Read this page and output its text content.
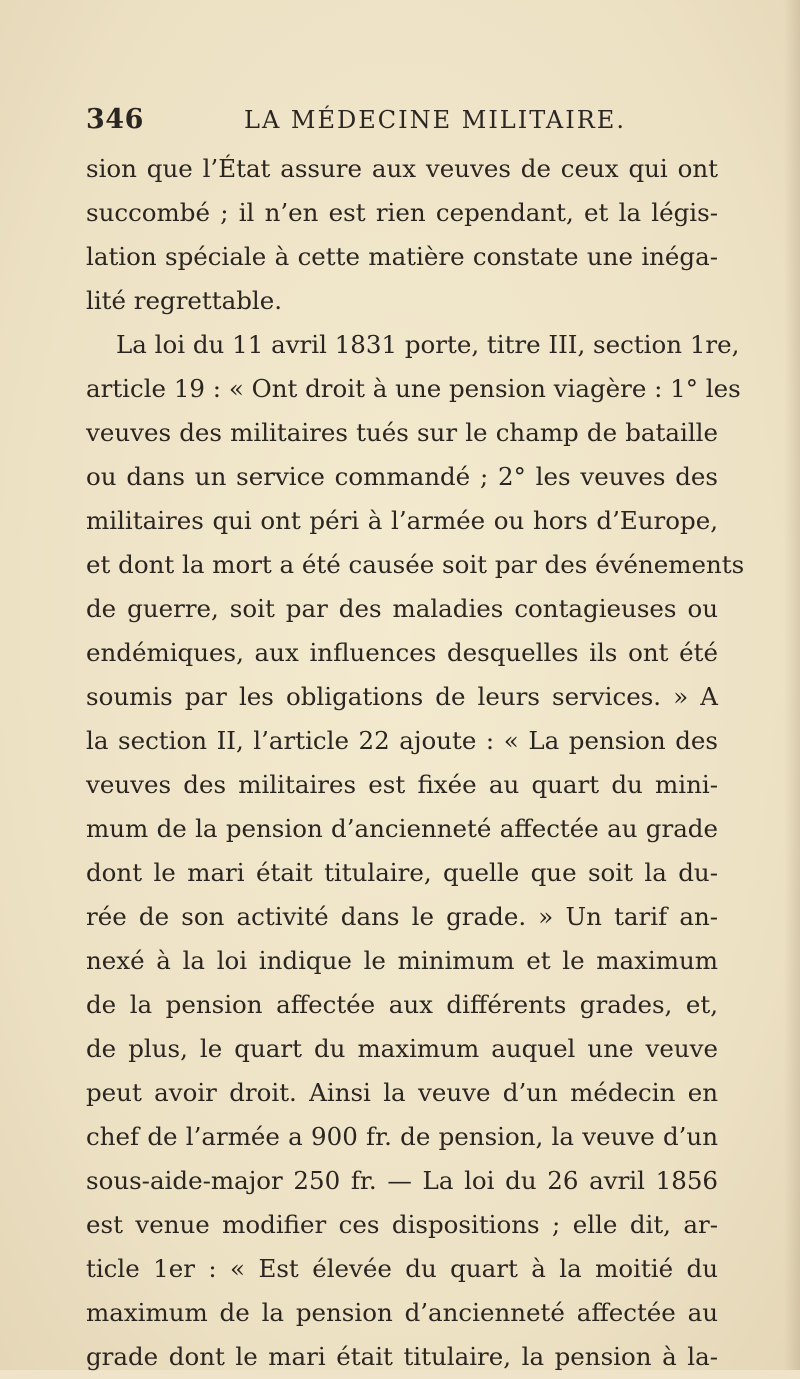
346	LA MÉDECINE MILITAIRE.
sion que l’État assure aux veuves de ceux qui ont
succombé ; il n’en est rien cependant, et la légis-
lation spéciale à cette matière constate une inéga-
lité regrettable.
La loi du 11 avril 1831 porte, titre III, section 1re,
article 19 : « Ont droit à une pension viagère : 1° les
veuves des militaires tués sur le champ de bataille
ou dans un service commandé ; 2° les veuves des
militaires qui ont péri à l’armée ou hors d’Europe,
et dont la mort a été causée soit par des événements
de guerre, soit par des maladies contagieuses ou
endémiques, aux influences desquelles ils ont été
soumis par les obligations de leurs services. » A
la section II, l’article 22 ajoute : « La pension des
veuves des militaires est fixée au quart du mini-
mum de la pension d’ancienneté affectée au grade
dont le mari était titulaire, quelle que soit la du-
rée de son activité dans le grade. » Un tarif an-
nexé à la loi indique le minimum et le maximum
de la pension affectée aux différents grades, et,
de plus, le quart du maximum auquel une veuve
peut avoir droit. Ainsi la veuve d’un médecin en
chef de l’armée a 900 fr. de pension, la veuve d’un
sous-aide-major 250 fr. — La loi du 26 avril 1856
est venue modifier ces dispositions ; elle dit, ar-
ticle 1er : « Est élevée du quart à la moitié du
maximum de la pension d’ancienneté affectée au
grade dont le mari était titulaire, la pension à la-
